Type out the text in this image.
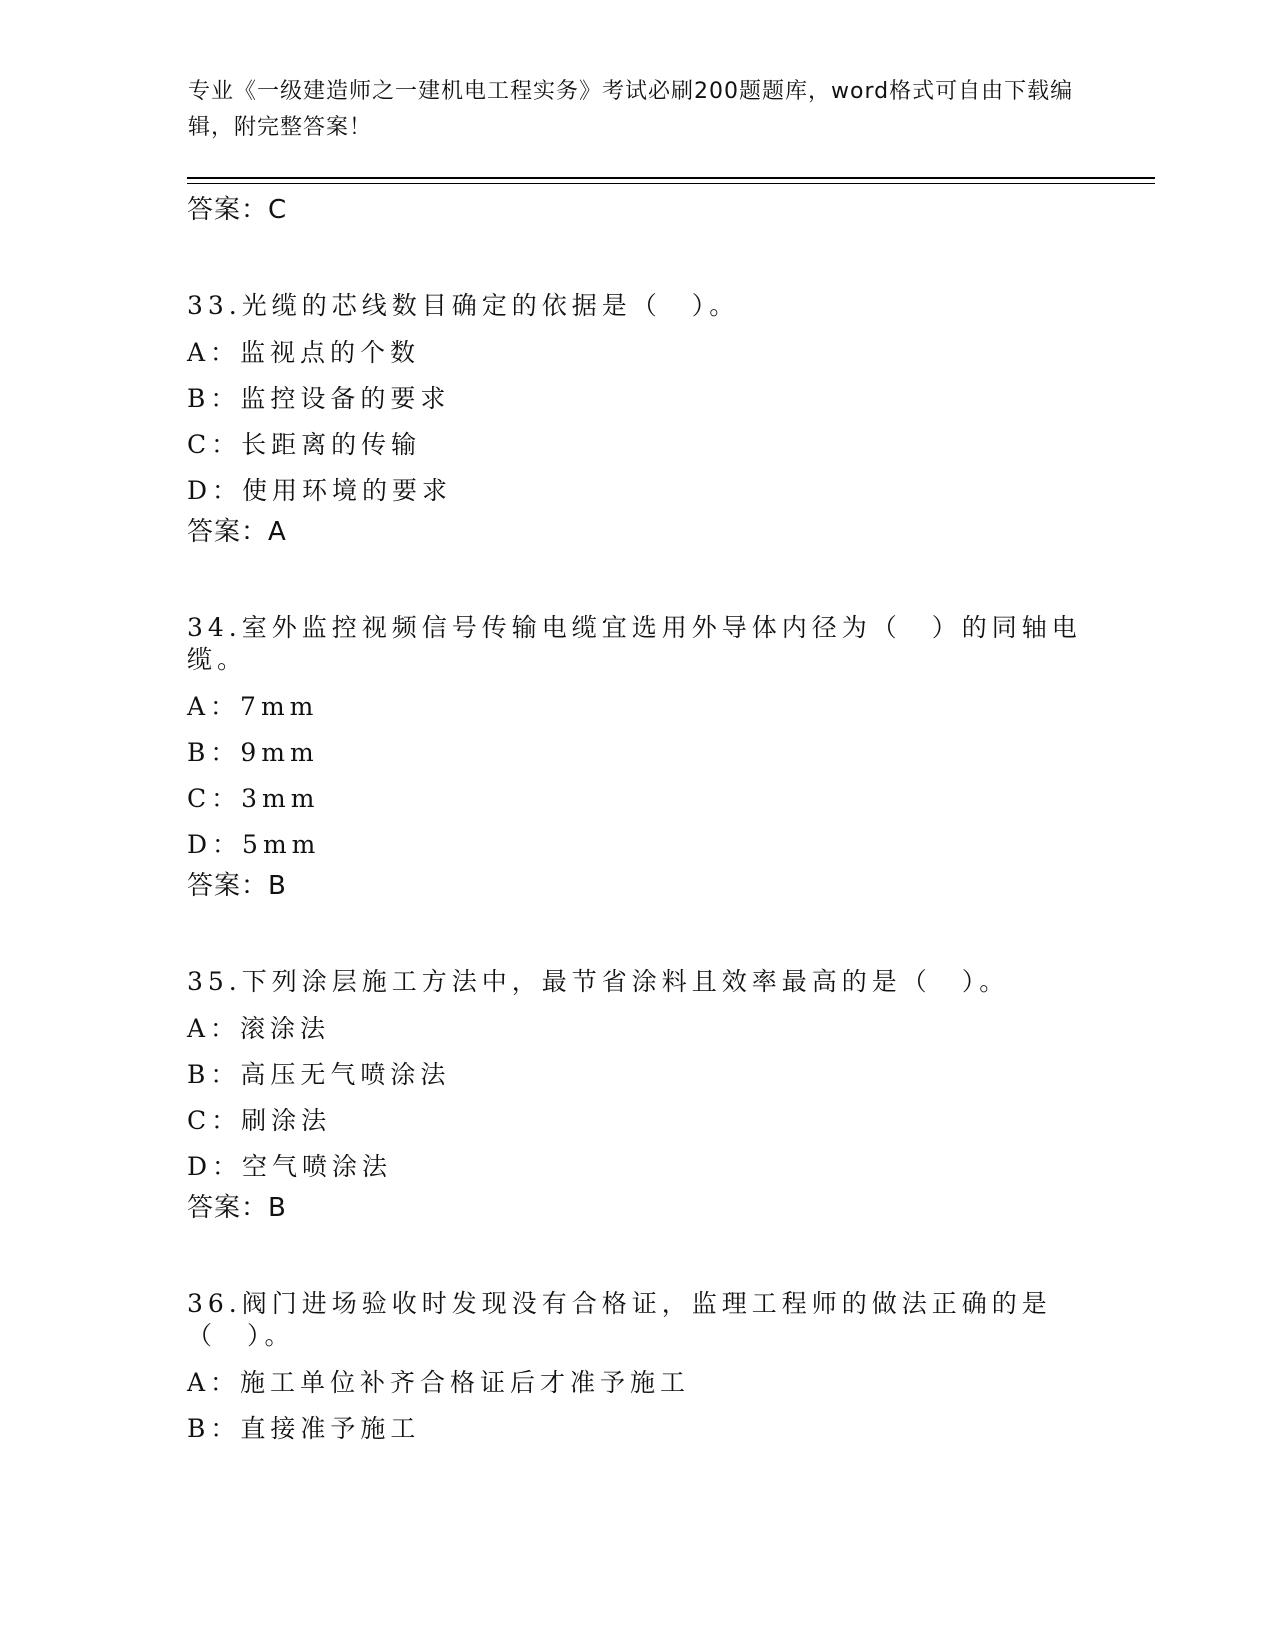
专业《一级建造师之一建机电工程实务》考试必刷200题题库，word格式可自由下载编辑，附完整答案！
答案：C
33.光缆的芯线数目确定的依据是（　）。
A：监视点的个数
B：监控设备的要求
C：长距离的传输
D：使用环境的要求
答案：A
34.室外监控视频信号传输电缆宜选用外导体内径为（　）的同轴电缆。
A：7mm
B：9mm
C：3mm
D：5mm
答案：B
35.下列涂层施工方法中，最节省涂料且效率最高的是（　）。
A：滚涂法
B：高压无气喷涂法
C：刷涂法
D：空气喷涂法
答案：B
36.阀门进场验收时发现没有合格证，监理工程师的做法正确的是（　）。
A：施工单位补齐合格证后才准予施工
B：直接准予施工
